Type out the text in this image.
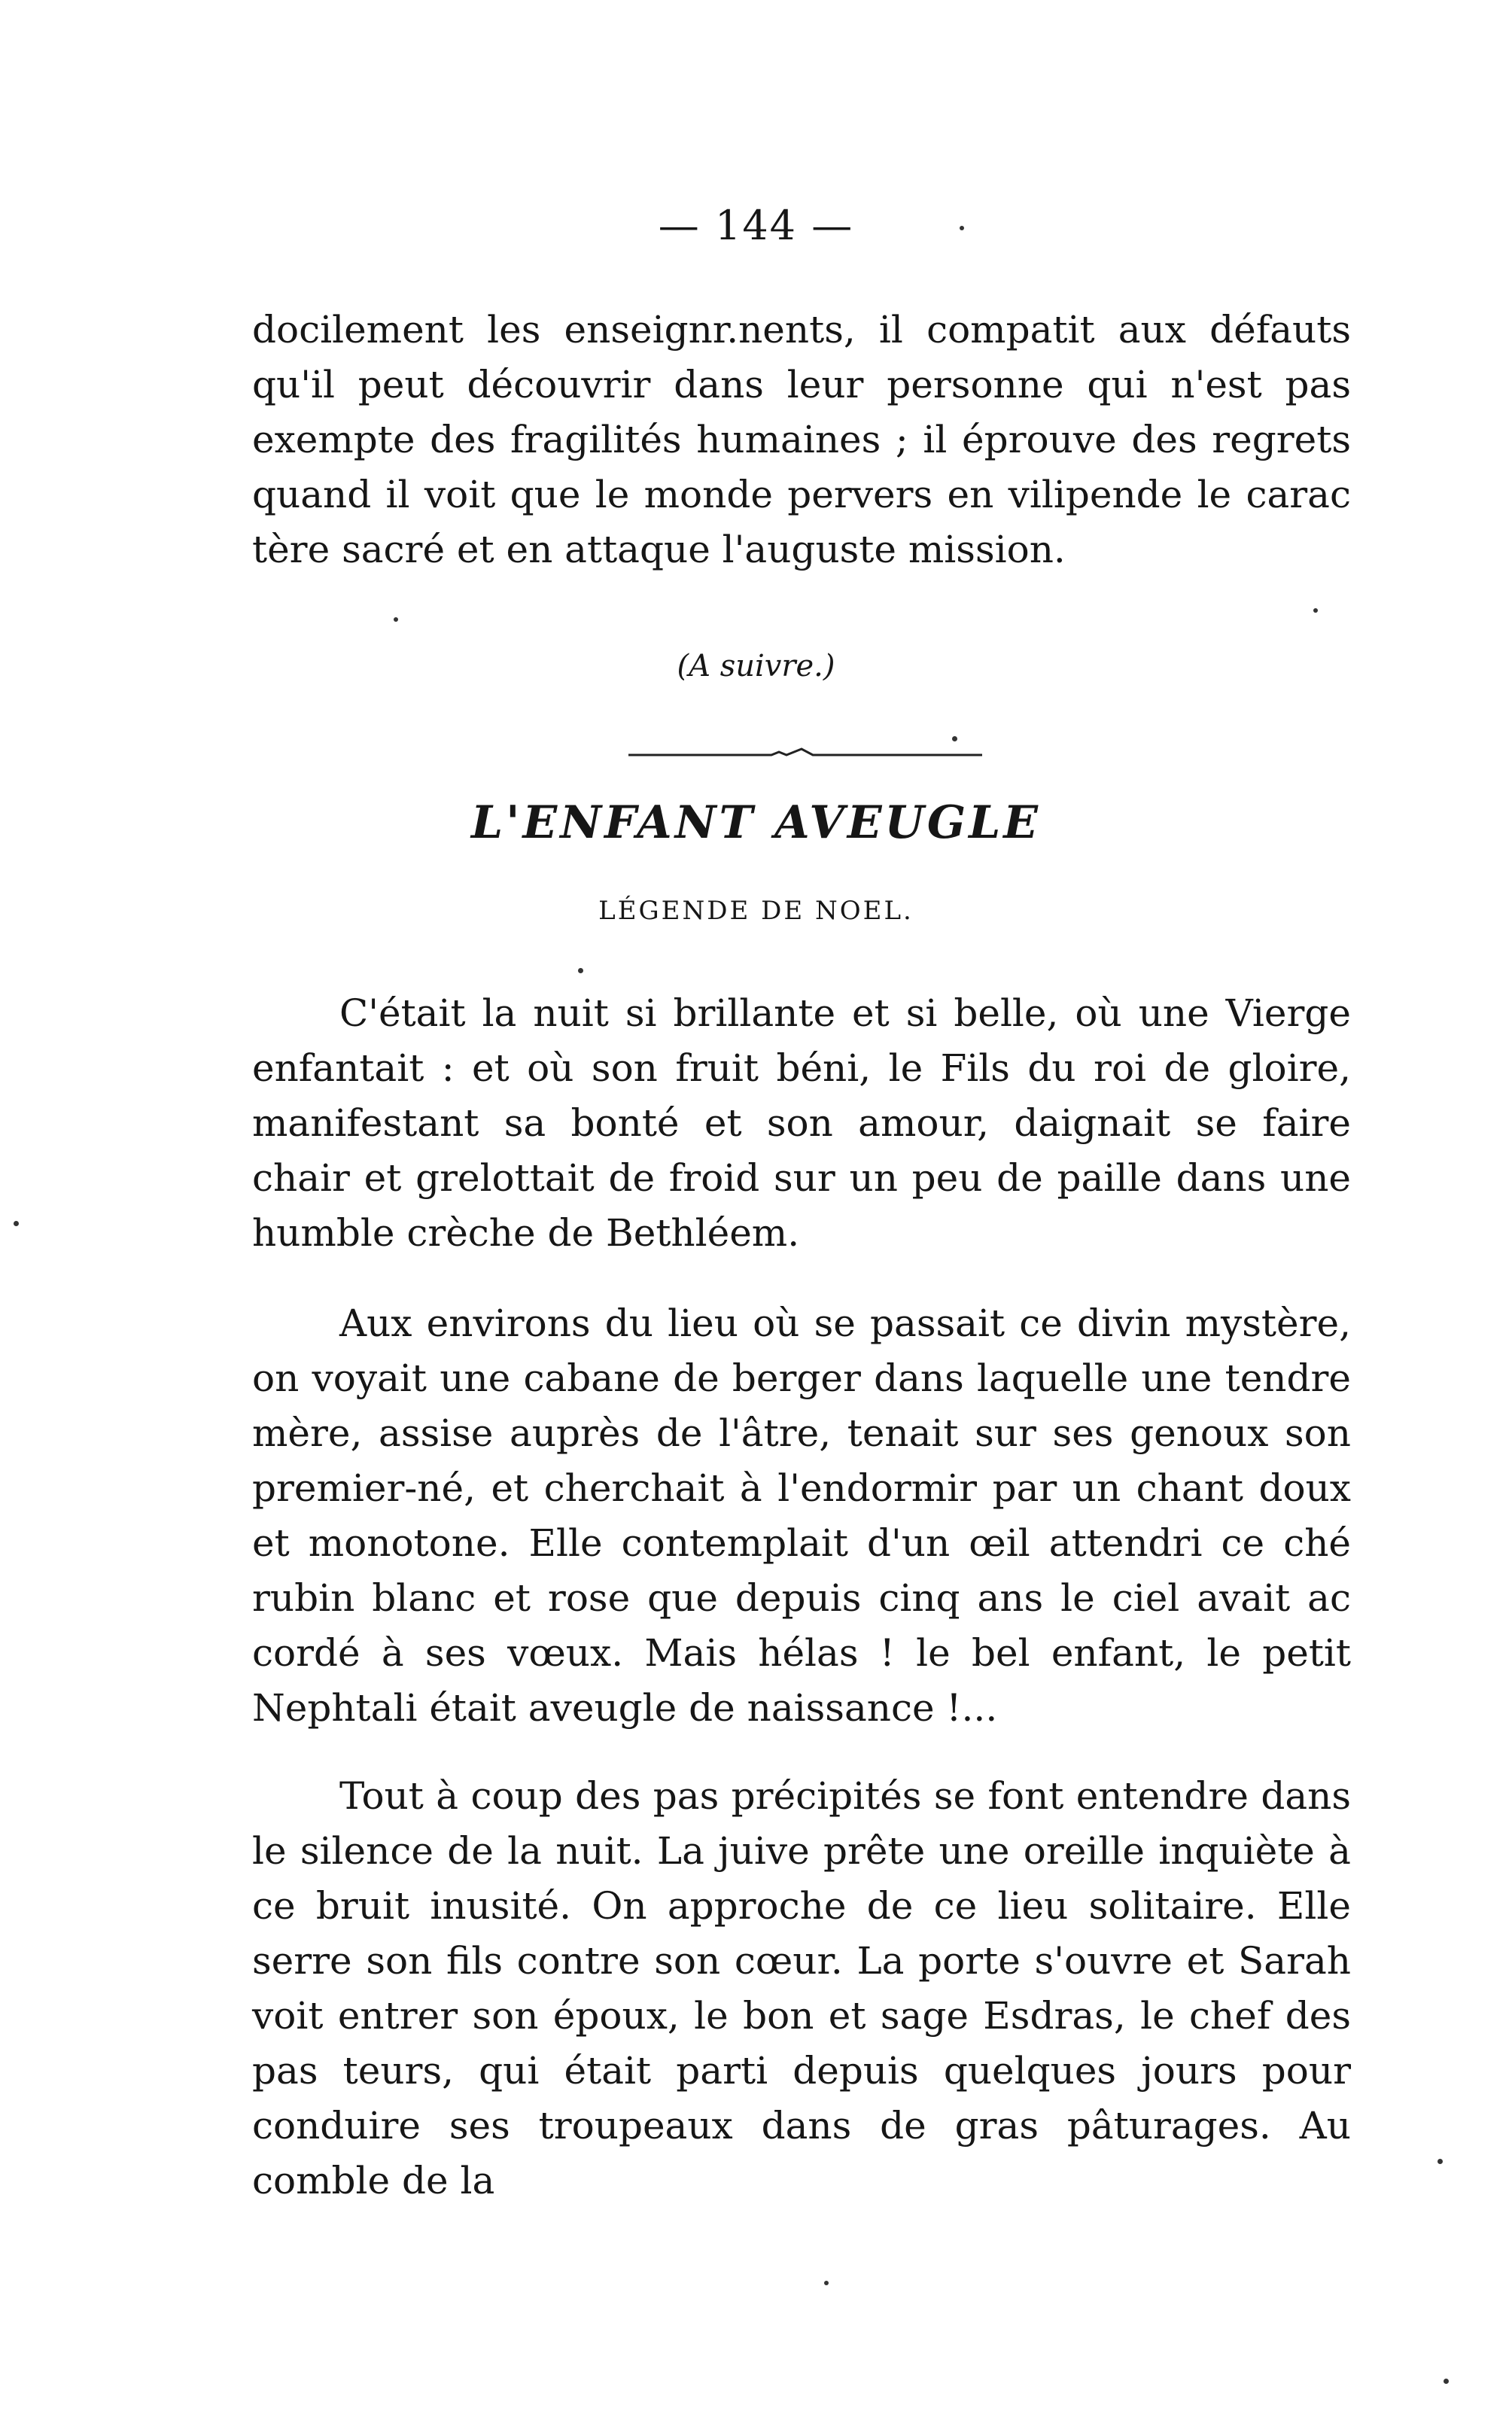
— 144 —

docilement les enseignr.nents, il compatit aux défauts qu'il peut découvrir dans leur personne qui n'est pas exempte des fragilités humaines ; il éprouve des regrets quand il voit que le monde pervers en vilipende le carac tère sacré et en attaque l'auguste mission.

(A suivre.)
L'ENFANT AVEUGLE
LÉGENDE DE NOEL.

C'était la nuit si brillante et si belle, où une Vierge enfantait : et où son fruit béni, le Fils du roi de gloire, manifestant sa bonté et son amour, daignait se faire chair et grelottait de froid sur un peu de paille dans une humble crèche de Bethléem.

Aux environs du lieu où se passait ce divin mystère, on voyait une cabane de berger dans laquelle une tendre mère, assise auprès de l'âtre, tenait sur ses genoux son premier-né, et cherchait à l'endormir par un chant doux et monotone. Elle contemplait d'un œil attendri ce ché rubin blanc et rose que depuis cinq ans le ciel avait ac cordé à ses vœux. Mais hélas ! le bel enfant, le petit Nephtali était aveugle de naissance !...

Tout à coup des pas précipités se font entendre dans le silence de la nuit. La juive prête une oreille inquiète à ce bruit inusité. On approche de ce lieu solitaire. Elle serre son fils contre son cœur. La porte s'ouvre et Sarah voit entrer son époux, le bon et sage Esdras, le chef des pas teurs, qui était parti depuis quelques jours pour conduire ses troupeaux dans de gras pâturages. Au comble de la
